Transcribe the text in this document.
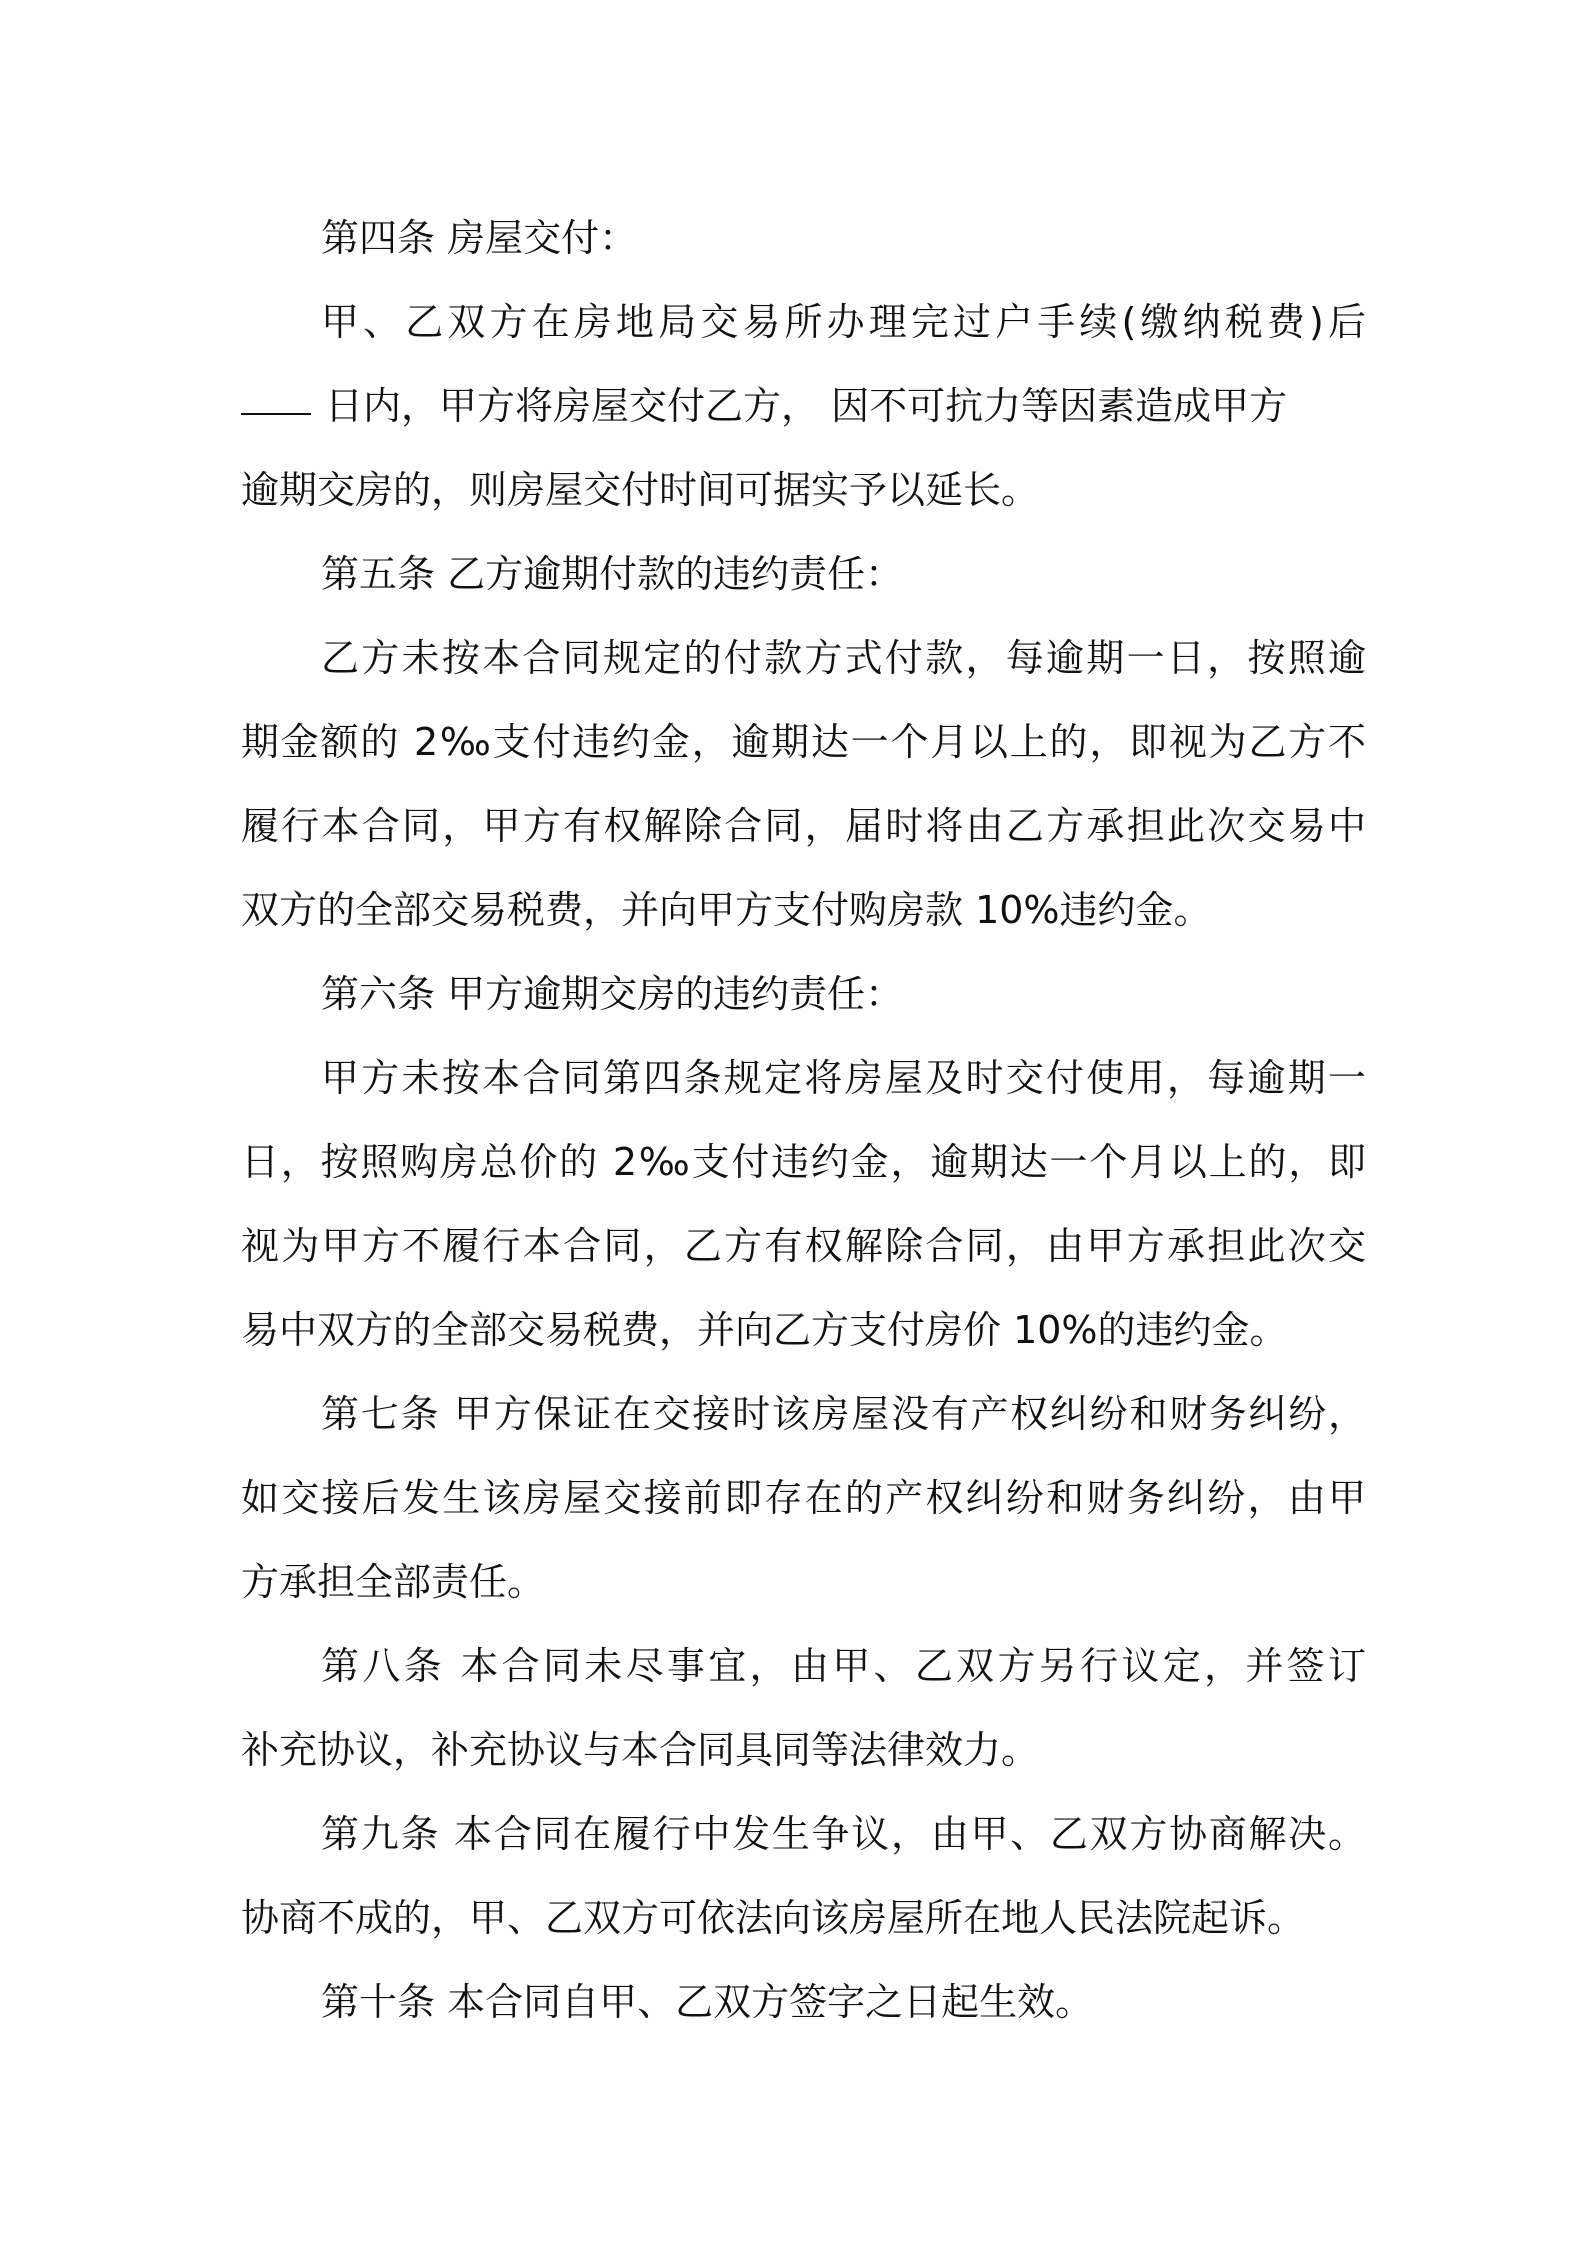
第四条 房屋交付：
甲、乙双方在房地局交易所办理完过户手续(缴纳税费)后
日内，甲方将房屋交付乙方， 因不可抗力等因素造成甲方
逾期交房的，则房屋交付时间可据实予以延长。
第五条 乙方逾期付款的违约责任：
乙方未按本合同规定的付款方式付款，每逾期一日，按照逾
期金额的 2‰支付违约金，逾期达一个月以上的，即视为乙方不
履行本合同，甲方有权解除合同，届时将由乙方承担此次交易中
双方的全部交易税费，并向甲方支付购房款 10%违约金。
第六条 甲方逾期交房的违约责任：
甲方未按本合同第四条规定将房屋及时交付使用，每逾期一
日，按照购房总价的 2‰支付违约金，逾期达一个月以上的，即
视为甲方不履行本合同，乙方有权解除合同，由甲方承担此次交
易中双方的全部交易税费，并向乙方支付房价 10%的违约金。
第七条 甲方保证在交接时该房屋没有产权纠纷和财务纠纷，
如交接后发生该房屋交接前即存在的产权纠纷和财务纠纷，由甲
方承担全部责任。
第八条 本合同未尽事宜，由甲、乙双方另行议定，并签订
补充协议，补充协议与本合同具同等法律效力。
第九条 本合同在履行中发生争议，由甲、乙双方协商解决。
协商不成的，甲、乙双方可依法向该房屋所在地人民法院起诉。
第十条 本合同自甲、乙双方签字之日起生效。
